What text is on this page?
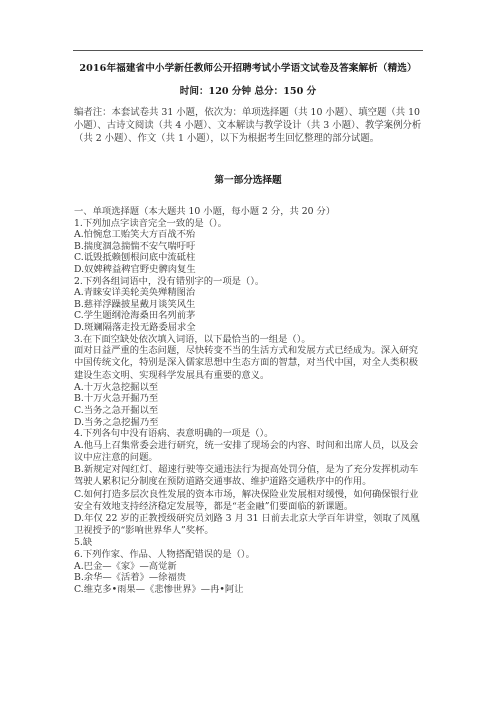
2016年福建省中小学新任教师公开招聘考试小学语文试卷及答案解析（精选）
时间：120 分钟 总分：150 分
编者注：本套试卷共 31 小题，依次为：单项选择题（共 10 小题）、填空题（共 10 小题）、古诗文阅读（共 4 小题）、文本解读与教学设计（共 3 小题）、教学案例分析（共 2 小题）、作文（共 1 小题），以下为根据考生回忆整理的部分试题。
第一部分选择题
一、单项选择题（本大题共 10 小题，每小题 2 分，共 20 分）
1.下列加点字读音完全一致的是（）。
A.怕惋怠工贻笑大方百战不殆
B.揣度涸急揣惴不安气喘吁吁
C.诋毁抵赖刨根问底中流砥柱
D.奴婢稗益稗官野史髀肉复生
2.下列各组词语中，没有错别字的一项是（）。
A.青睐安详美轮美奂殚精图治
B.慈祥浮躁披星戴月谈笑风生
C.学生题纲沧海桑田名列前茅
D.斑斓隔落走投无路委屈求全
3.在下面空缺处依次填入词语，以下最恰当的一组是（）。
面对日益严重的生态问题，尽快转变不当的生活方式和发展方式已经成为。深入研究中国传统文化，特别是深入儒家思想中生态方面的智慧，对当代中国，对全人类积极建设生态文明、实现科学发展具有重要的意义。
A.十万火急挖掘以至
B.十万火急开掘乃至
C.当务之急开掘以至
D.当务之急挖掘乃至
4.下列各句中没有语病、表意明确的一项是（）。
A.他马上召集常委会进行研究，统一安排了现场会的内容、时间和出席人员，以及会议中应注意的问题。
B.新规定对闯红灯、超速行驶等交通违法行为提高处罚分值，是为了充分发挥机动车驾驶人累积记分制度在预防道路交通事故、维护道路交通秩序中的作用。
C.如何打造多层次良性发展的资本市场，解决保险业发展相对缓慢，如何确保银行业安全有效地支持经济稳定发展等，都是“老金融”们要面临的新课题。
D.年仅 22 岁的正教授级研究员刘路 3 月 31 日前去北京大学百年讲堂，领取了凤凰卫视授予的“影响世界华人”奖杯。
5.缺
6.下列作家、作品、人物搭配错误的是（）。
A.巴金—《家》—高觉新
B.余华—《活着》—徐福贵
C.维克多•雨果—《悲惨世界》—冉•阿让
